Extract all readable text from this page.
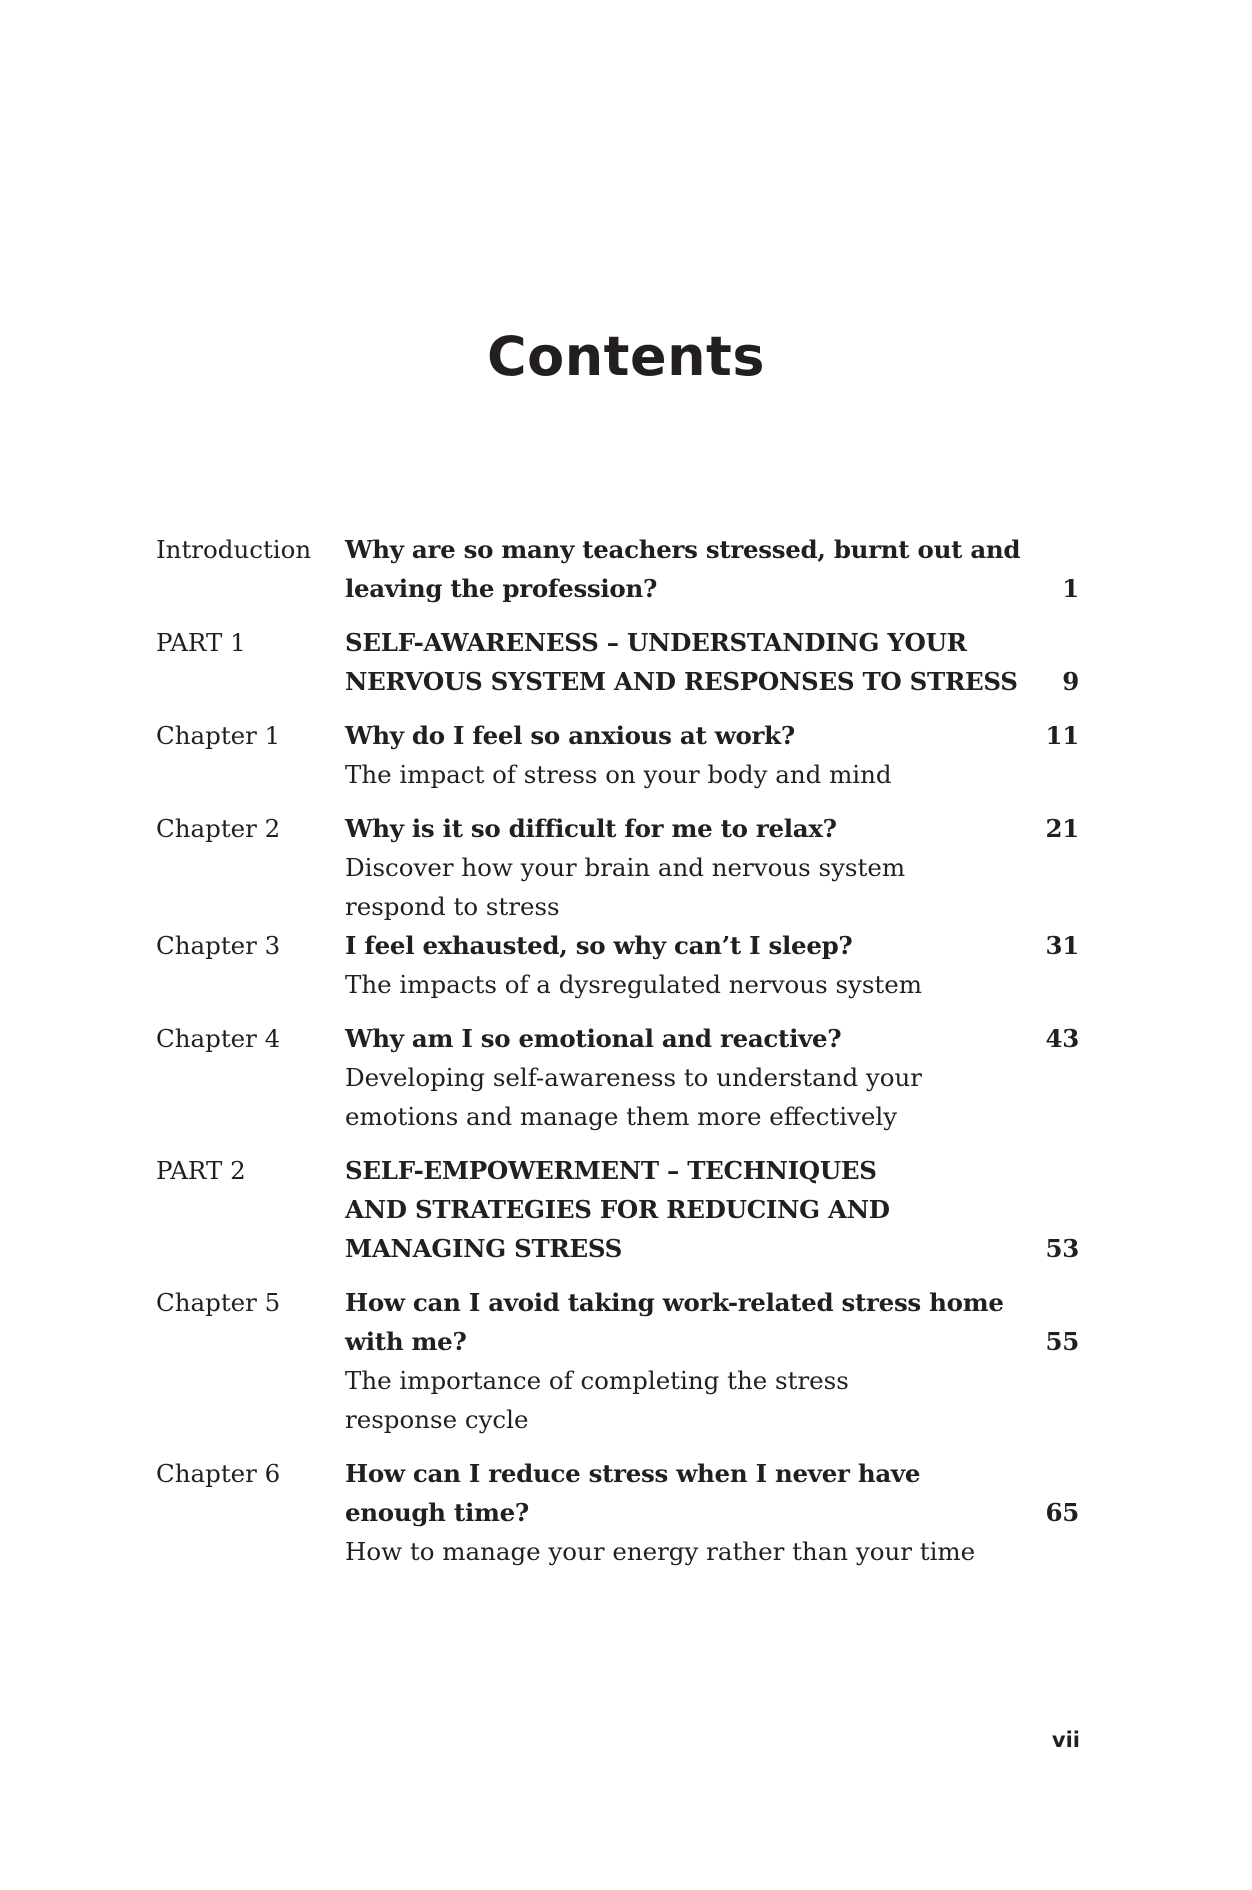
Contents
Introduction	Why are so many teachers stressed, burnt out and
leaving the profession?	1
PART 1	SELF-AWARENESS – UNDERSTANDING YOUR
NERVOUS SYSTEM AND RESPONSES TO STRESS	9
Chapter 1	Why do I feel so anxious at work?	11
The impact of stress on your body and mind
Chapter 2	Why is it so difficult for me to relax?	21
Discover how your brain and nervous system
respond to stress
Chapter 3	I feel exhausted, so why can’t I sleep?	31
The impacts of a dysregulated nervous system
Chapter 4	Why am I so emotional and reactive?	43
Developing self-awareness to understand your
emotions and manage them more effectively
PART 2	SELF-EMPOWERMENT – TECHNIQUES
AND STRATEGIES FOR REDUCING AND
MANAGING STRESS	53
Chapter 5	How can I avoid taking work-related stress home
with me?	55
The importance of completing the stress
response cycle
Chapter 6	How can I reduce stress when I never have
enough time?	65
How to manage your energy rather than your time
vii
